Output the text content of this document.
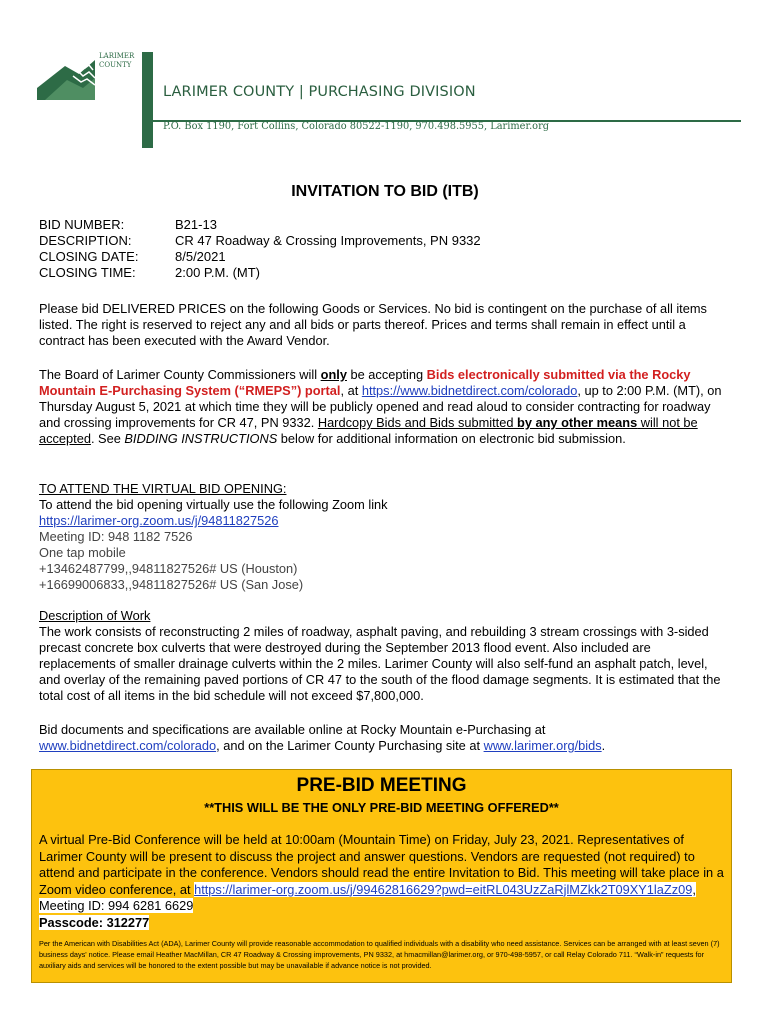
LARIMER
COUNTY
LARIMER COUNTY | PURCHASING DIVISION
P.O. Box 1190, Fort Collins, Colorado 80522-1190, 970.498.5955, Larimer.org
INVITATION TO BID (ITB)
BID NUMBER:	B21-13
DESCRIPTION:	CR 47 Roadway & Crossing Improvements, PN 9332
CLOSING DATE:	8/5/2021
CLOSING TIME:	2:00 P.M. (MT)
Please bid DELIVERED PRICES on the following Goods or Services. No bid is contingent on the purchase of all items listed. The right is reserved to reject any and all bids or parts thereof. Prices and terms shall remain in effect until a contract has been executed with the Award Vendor.
The Board of Larimer County Commissioners will only be accepting Bids electronically submitted via the Rocky Mountain E-Purchasing System (“RMEPS”) portal, at https://www.bidnetdirect.com/colorado, up to 2:00 P.M. (MT), on Thursday August 5, 2021 at which time they will be publicly opened and read aloud to consider contracting for roadway and crossing improvements for CR 47, PN 9332. Hardcopy Bids and Bids submitted by any other means will not be accepted. See BIDDING INSTRUCTIONS below for additional information on electronic bid submission.
TO ATTEND THE VIRTUAL BID OPENING:
To attend the bid opening virtually use the following Zoom link
https://larimer-org.zoom.us/j/94811827526
Meeting ID: 948 1182 7526
One tap mobile
+13462487799,,94811827526# US (Houston)
+16699006833,,94811827526# US (San Jose)
Description of Work
The work consists of reconstructing 2 miles of roadway, asphalt paving, and rebuilding 3 stream crossings with 3-sided precast concrete box culverts that were destroyed during the September 2013 flood event. Also included are replacements of smaller drainage culverts within the 2 miles. Larimer County will also self-fund an asphalt patch, level, and overlay of the remaining paved portions of CR 47 to the south of the flood damage segments. It is estimated that the total cost of all items in the bid schedule will not exceed $7,800,000.
Bid documents and specifications are available online at Rocky Mountain e-Purchasing at www.bidnetdirect.com/colorado, and on the Larimer County Purchasing site at www.larimer.org/bids.
PRE-BID MEETING
**THIS WILL BE THE ONLY PRE-BID MEETING OFFERED**
A virtual Pre-Bid Conference will be held at 10:00am (Mountain Time) on Friday, July 23, 2021. Representatives of Larimer County will be present to discuss the project and answer questions. Vendors are requested (not required) to attend and participate in the conference. Vendors should read the entire Invitation to Bid. This meeting will take place in a Zoom video conference, at https://larimer-org.zoom.us/j/99462816629?pwd=eitRL043UzZaRjlMZkk2T09XY1laZz09, Meeting ID: 994 6281 6629
Passcode: 312277
Per the American with Disabilities Act (ADA), Larimer County will provide reasonable accommodation to qualified individuals with a disability who need assistance. Services can be arranged with at least seven (7) business days' notice. Please email Heather MacMillan, CR 47 Roadway & Crossing improvements, PN 9332, at hmacmillan@larimer.org, or 970-498-5957, or call Relay Colorado 711. “Walk-in” requests for auxiliary aids and services will be honored to the extent possible but may be unavailable if advance notice is not provided.
